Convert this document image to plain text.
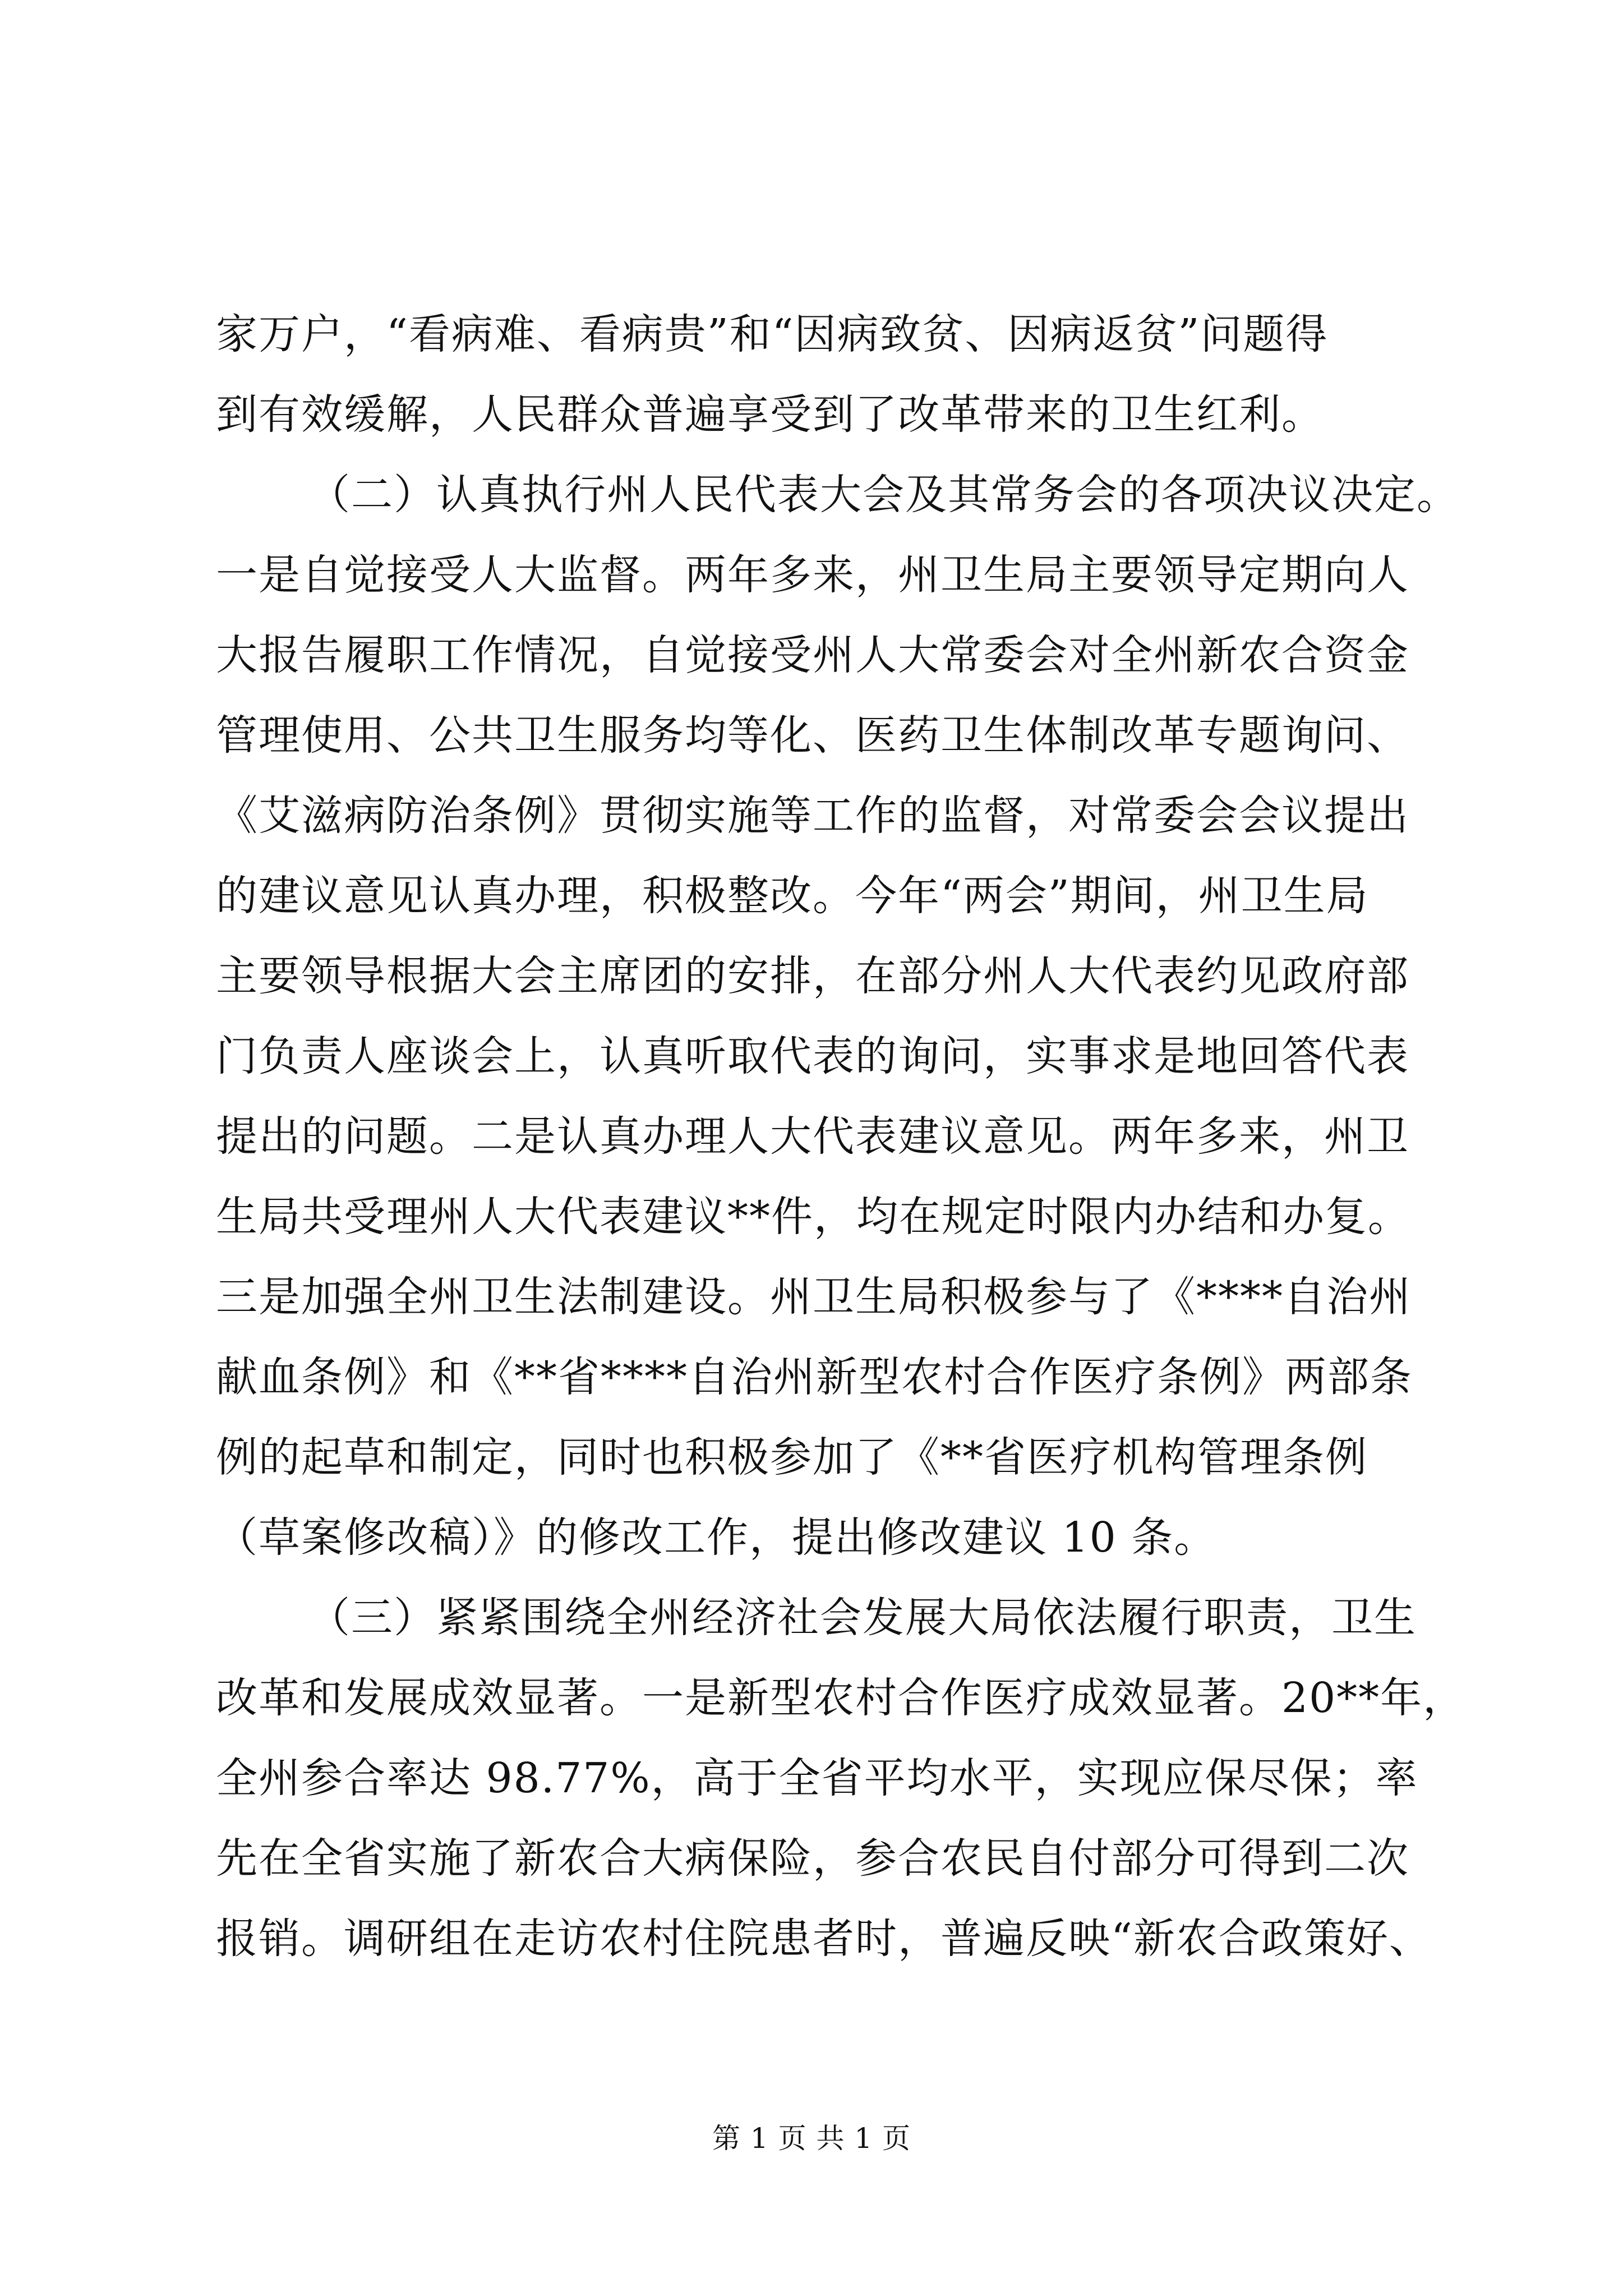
家万户，“看病难、看病贵”和“因病致贫、因病返贫”问题得
到有效缓解，人民群众普遍享受到了改革带来的卫生红利。
（二）认真执行州人民代表大会及其常务会的各项决议决定。
一是自觉接受人大监督。两年多来，州卫生局主要领导定期向人
大报告履职工作情况，自觉接受州人大常委会对全州新农合资金
管理使用、公共卫生服务均等化、医药卫生体制改革专题询问、
《艾滋病防治条例》贯彻实施等工作的监督，对常委会会议提出
的建议意见认真办理，积极整改。今年“两会”期间，州卫生局
主要领导根据大会主席团的安排，在部分州人大代表约见政府部
门负责人座谈会上，认真听取代表的询问，实事求是地回答代表
提出的问题。二是认真办理人大代表建议意见。两年多来，州卫
生局共受理州人大代表建议**件，均在规定时限内办结和办复。
三是加强全州卫生法制建设。州卫生局积极参与了《****自治州
献血条例》和《**省****自治州新型农村合作医疗条例》两部条
例的起草和制定，同时也积极参加了《**省医疗机构管理条例
（草案修改稿）》的修改工作，提出修改建议 10 条。
（三）紧紧围绕全州经济社会发展大局依法履行职责，卫生
改革和发展成效显著。一是新型农村合作医疗成效显著。20**年，
全州参合率达 98.77%，高于全省平均水平，实现应保尽保；率
先在全省实施了新农合大病保险，参合农民自付部分可得到二次
报销。调研组在走访农村住院患者时，普遍反映“新农合政策好、
第 1 页 共 1 页
